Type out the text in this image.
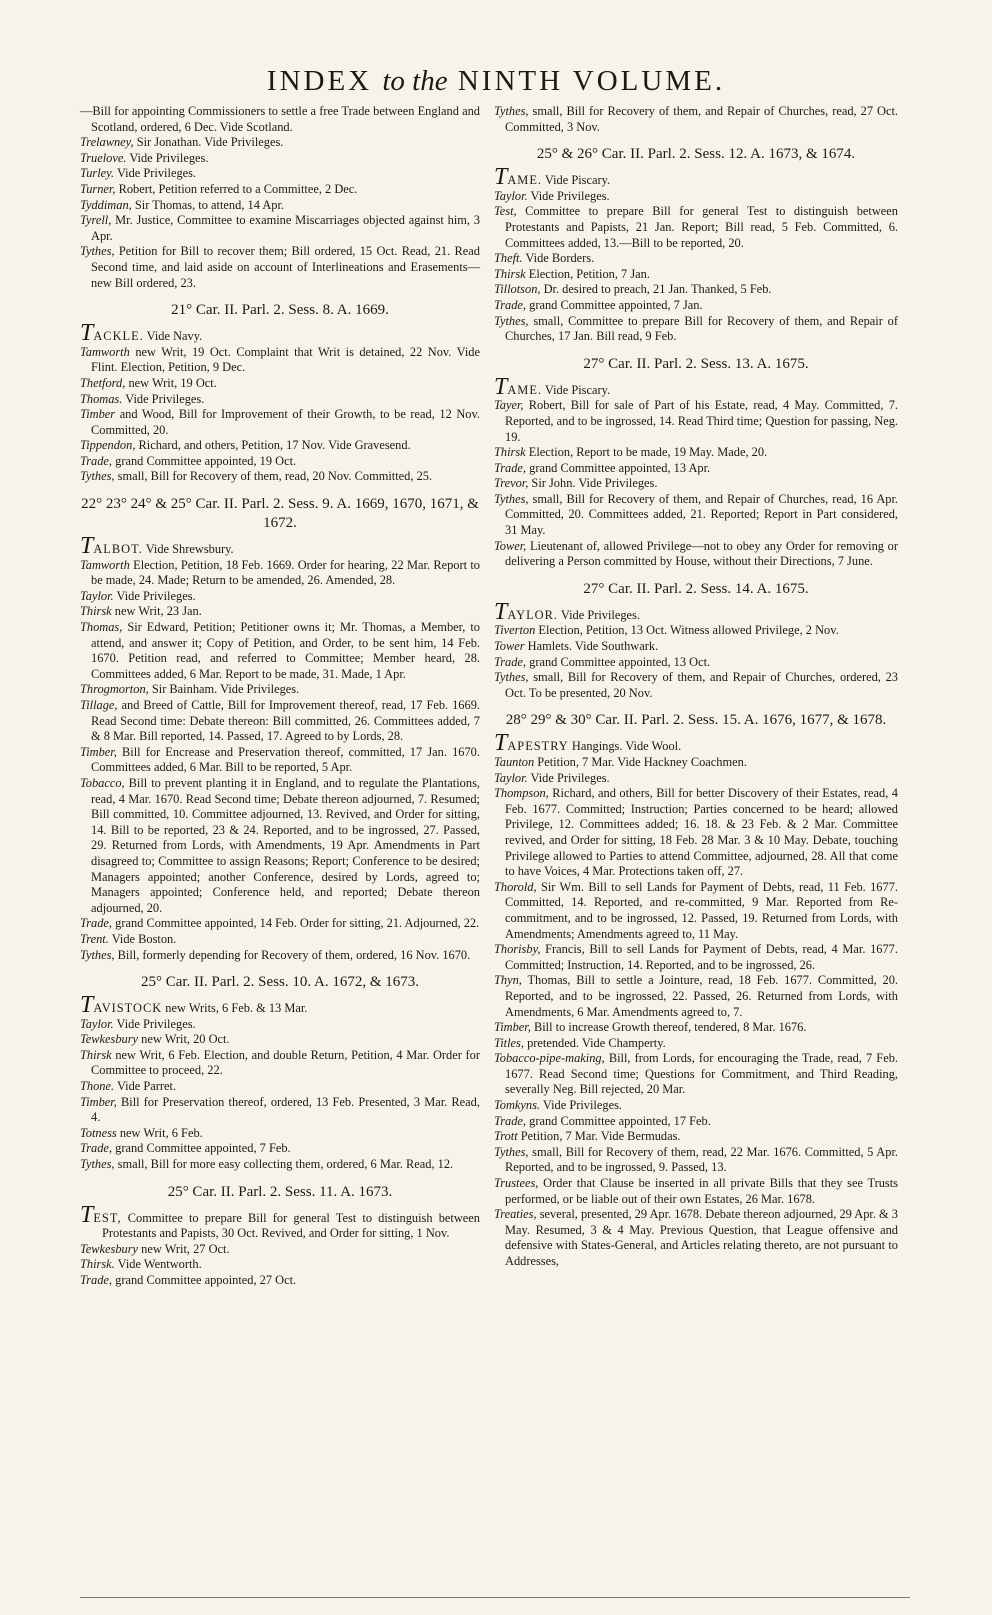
INDEX to the NINTH VOLUME.

—Bill for appointing Commissioners to settle a free Trade between England and Scotland, ordered, 6 Dec. Vide Scotland.

Trelawney, Sir Jonathan. Vide Privileges.

Truelove. Vide Privileges.

Turley. Vide Privileges.

Turner, Robert, Petition referred to a Committee, 2 Dec.

Tyddiman, Sir Thomas, to attend, 14 Apr.

Tyrell, Mr. Justice, Committee to examine Miscarriages objected against him, 3 Apr.

Tythes, Petition for Bill to recover them; Bill ordered, 15 Oct. Read, 21. Read Second time, and laid aside on account of Interlineations and Erasements—new Bill ordered, 23.

21° Car. II. Parl. 2. Sess. 8. A. 1669.

TACKLE. Vide Navy.

Tamworth new Writ, 19 Oct. Complaint that Writ is detained, 22 Nov. Vide Flint. Election, Petition, 9 Dec.

Thetford, new Writ, 19 Oct.

Thomas. Vide Privileges.

Timber and Wood, Bill for Improvement of their Growth, to be read, 12 Nov. Committed, 20.

Tippendon, Richard, and others, Petition, 17 Nov. Vide Gravesend.

Trade, grand Committee appointed, 19 Oct.

Tythes, small, Bill for Recovery of them, read, 20 Nov. Committed, 25.

22° 23° 24° & 25° Car. II. Parl. 2. Sess. 9. A. 1669, 1670, 1671, & 1672.

TALBOT. Vide Shrewsbury.

Tamworth Election, Petition, 18 Feb. 1669. Order for hearing, 22 Mar. Report to be made, 24. Made; Return to be amended, 26. Amended, 28.

Taylor. Vide Privileges.

Thirsk new Writ, 23 Jan.

Thomas, Sir Edward, Petition; Petitioner owns it; Mr. Thomas, a Member, to attend, and answer it; Copy of Petition, and Order, to be sent him, 14 Feb. 1670. Petition read, and referred to Committee; Member heard, 28. Committees added, 6 Mar. Report to be made, 31. Made, 1 Apr.

Throgmorton, Sir Bainham. Vide Privileges.

Tillage, and Breed of Cattle, Bill for Improvement thereof, read, 17 Feb. 1669. Read Second time: Debate thereon: Bill committed, 26. Committees added, 7 & 8 Mar. Bill reported, 14. Passed, 17. Agreed to by Lords, 28.

Timber, Bill for Encrease and Preservation thereof, committed, 17 Jan. 1670. Committees added, 6 Mar. Bill to be reported, 5 Apr.

Tobacco, Bill to prevent planting it in England, and to regulate the Plantations, read, 4 Mar. 1670. Read Second time; Debate thereon adjourned, 7. Resumed; Bill committed, 10. Committee adjourned, 13. Revived, and Order for sitting, 14. Bill to be reported, 23 & 24. Reported, and to be ingrossed, 27. Passed, 29. Returned from Lords, with Amendments, 19 Apr. Amendments in Part disagreed to; Committee to assign Reasons; Report; Conference to be desired; Managers appointed; another Conference, desired by Lords, agreed to; Managers appointed; Conference held, and reported; Debate thereon adjourned, 20.

Trade, grand Committee appointed, 14 Feb. Order for sitting, 21. Adjourned, 22.

Trent. Vide Boston.

Tythes, Bill, formerly depending for Recovery of them, ordered, 16 Nov. 1670.

25° Car. II. Parl. 2. Sess. 10. A. 1672, & 1673.

TAVISTOCK new Writs, 6 Feb. & 13 Mar.

Taylor. Vide Privileges.

Tewkesbury new Writ, 20 Oct.

Thirsk new Writ, 6 Feb. Election, and double Return, Petition, 4 Mar. Order for Committee to proceed, 22.

Thone. Vide Parret.

Timber, Bill for Preservation thereof, ordered, 13 Feb. Presented, 3 Mar. Read, 4.

Totness new Writ, 6 Feb.

Trade, grand Committee appointed, 7 Feb.

Tythes, small, Bill for more easy collecting them, ordered, 6 Mar. Read, 12.

25° Car. II. Parl. 2. Sess. 11. A. 1673.

TEST, Committee to prepare Bill for general Test to distinguish between Protestants and Papists, 30 Oct. Revived, and Order for sitting, 1 Nov.

Tewkesbury new Writ, 27 Oct.

Thirsk. Vide Wentworth.

Trade, grand Committee appointed, 27 Oct.

Tythes, small, Bill for Recovery of them, and Repair of Churches, read, 27 Oct. Committed, 3 Nov.

25° & 26° Car. II. Parl. 2. Sess. 12. A. 1673, & 1674.

TAME. Vide Piscary.

Taylor. Vide Privileges.

Test, Committee to prepare Bill for general Test to distinguish between Protestants and Papists, 21 Jan. Report; Bill read, 5 Feb. Committed, 6. Committees added, 13.—Bill to be reported, 20.

Theft. Vide Borders.

Thirsk Election, Petition, 7 Jan.

Tillotson, Dr. desired to preach, 21 Jan. Thanked, 5 Feb.

Trade, grand Committee appointed, 7 Jan.

Tythes, small, Committee to prepare Bill for Recovery of them, and Repair of Churches, 17 Jan. Bill read, 9 Feb.

27° Car. II. Parl. 2. Sess. 13. A. 1675.

TAME. Vide Piscary.

Tayer, Robert, Bill for sale of Part of his Estate, read, 4 May. Committed, 7. Reported, and to be ingrossed, 14. Read Third time; Question for passing, Neg. 19.

Thirsk Election, Report to be made, 19 May. Made, 20.

Trade, grand Committee appointed, 13 Apr.

Trevor, Sir John. Vide Privileges.

Tythes, small, Bill for Recovery of them, and Repair of Churches, read, 16 Apr. Committed, 20. Committees added, 21. Reported; Report in Part considered, 31 May.

Tower, Lieutenant of, allowed Privilege—not to obey any Order for removing or delivering a Person committed by House, without their Directions, 7 June.

27° Car. II. Parl. 2. Sess. 14. A. 1675.

TAYLOR. Vide Privileges.

Tiverton Election, Petition, 13 Oct. Witness allowed Privilege, 2 Nov.

Tower Hamlets. Vide Southwark.

Trade, grand Committee appointed, 13 Oct.

Tythes, small, Bill for Recovery of them, and Repair of Churches, ordered, 23 Oct. To be presented, 20 Nov.

28° 29° & 30° Car. II. Parl. 2. Sess. 15. A. 1676, 1677, & 1678.

TAPESTRY Hangings. Vide Wool.

Taunton Petition, 7 Mar. Vide Hackney Coachmen.

Taylor. Vide Privileges.

Thompson, Richard, and others, Bill for better Discovery of their Estates, read, 4 Feb. 1677. Committed; Instruction; Parties concerned to be heard; allowed Privilege, 12. Committees added; 16. 18. & 23 Feb. & 2 Mar. Committee revived, and Order for sitting, 18 Feb. 28 Mar. 3 & 10 May. Debate, touching Privilege allowed to Parties to attend Committee, adjourned, 28. All that come to have Voices, 4 Mar. Protections taken off, 27.

Thorold, Sir Wm. Bill to sell Lands for Payment of Debts, read, 11 Feb. 1677. Committed, 14. Reported, and re-committed, 9 Mar. Reported from Re-commitment, and to be ingrossed, 12. Passed, 19. Returned from Lords, with Amendments; Amendments agreed to, 11 May.

Thorisby, Francis, Bill to sell Lands for Payment of Debts, read, 4 Mar. 1677. Committed; Instruction, 14. Reported, and to be ingrossed, 26.

Thyn, Thomas, Bill to settle a Jointure, read, 18 Feb. 1677. Committed, 20. Reported, and to be ingrossed, 22. Passed, 26. Returned from Lords, with Amendments, 6 Mar. Amendments agreed to, 7.

Timber, Bill to increase Growth thereof, tendered, 8 Mar. 1676.

Titles, pretended. Vide Champerty.

Tobacco-pipe-making, Bill, from Lords, for encouraging the Trade, read, 7 Feb. 1677. Read Second time; Questions for Commitment, and Third Reading, severally Neg. Bill rejected, 20 Mar.

Tomkyns. Vide Privileges.

Trade, grand Committee appointed, 17 Feb.

Trott Petition, 7 Mar. Vide Bermudas.

Tythes, small, Bill for Recovery of them, read, 22 Mar. 1676. Committed, 5 Apr. Reported, and to be ingrossed, 9. Passed, 13.

Trustees, Order that Clause be inserted in all private Bills that they see Trusts performed, or be liable out of their own Estates, 26 Mar. 1678.

Treaties, several, presented, 29 Apr. 1678. Debate thereon adjourned, 29 Apr. & 3 May. Resumed, 3 & 4 May. Previous Question, that League offensive and defensive with States-General, and Articles relating thereto, are not pursuant to Addresses,
